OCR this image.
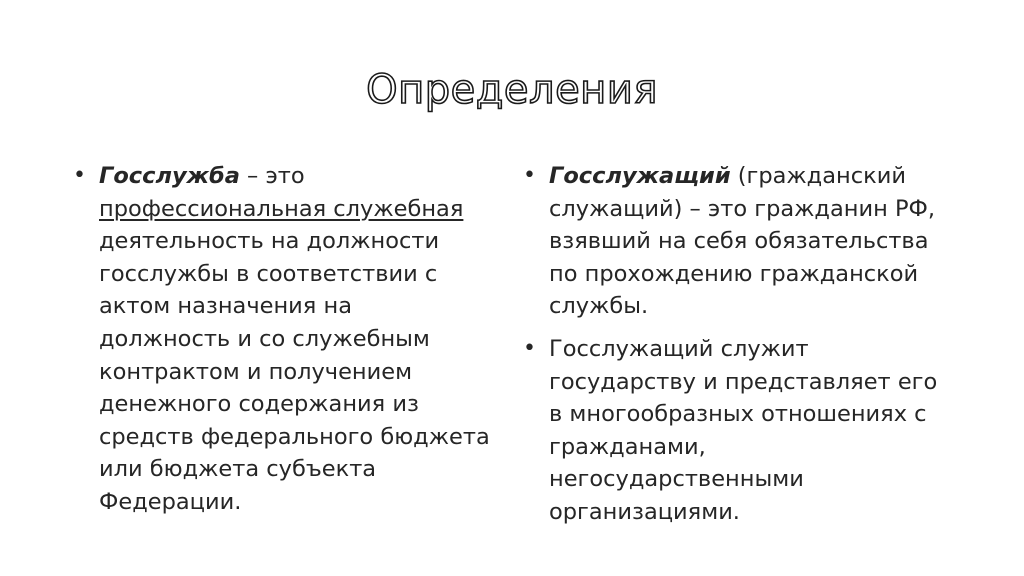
Определения
• Госслужба – это профессиональная служебная деятельность на должности госслужбы в соответствии с актом назначения на должность и со служебным контрактом и получением денежного содержания из средств федерального бюджета или бюджета субъекта Федерации.
• Госслужащий (гражданский служащий) – это гражданин РФ, взявший на себя обязательства по прохождению гражданской службы.
• Госслужащий служит государству и представляет его в многообразных отношениях с гражданами, негосударственными организациями.
